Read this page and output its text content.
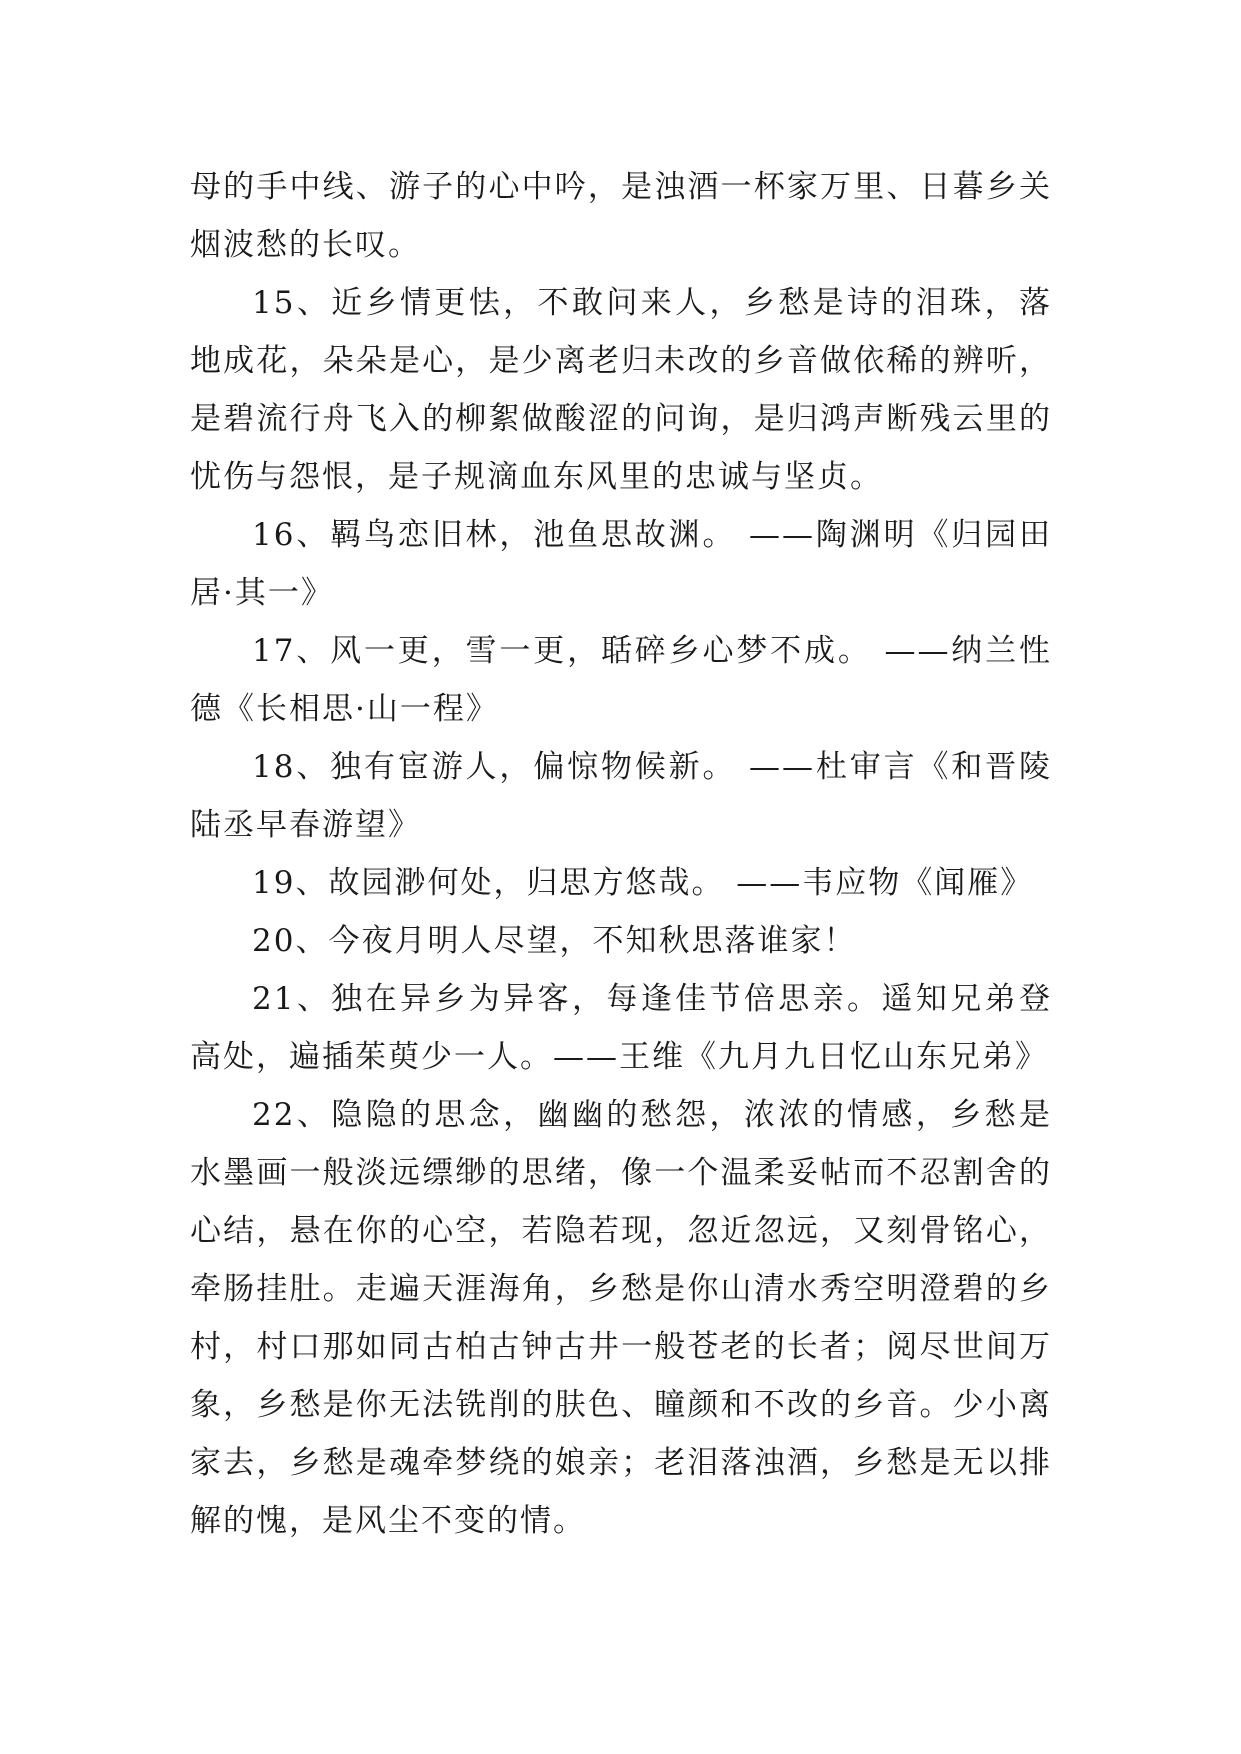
母的手中线、游子的心中吟，是浊酒一杯家万里、日暮乡关烟波愁的长叹。

15、近乡情更怯，不敢问来人，乡愁是诗的泪珠，落地成花，朵朵是心，是少离老归未改的乡音做依稀的辨听，是碧流行舟飞入的柳絮做酸涩的问询，是归鸿声断残云里的忧伤与怨恨，是子规滴血东风里的忠诚与坚贞。

16、羁鸟恋旧林，池鱼思故渊。 ——陶渊明《归园田居·其一》

17、风一更，雪一更，聒碎乡心梦不成。 ——纳兰性德《长相思·山一程》

18、独有宦游人，偏惊物候新。 ——杜审言《和晋陵陆丞早春游望》

19、故园渺何处，归思方悠哉。 ——韦应物《闻雁》

20、今夜月明人尽望，不知秋思落谁家！

21、独在异乡为异客，每逢佳节倍思亲。遥知兄弟登高处，遍插茱萸少一人。——王维《九月九日忆山东兄弟》

22、隐隐的思念，幽幽的愁怨，浓浓的情感，乡愁是水墨画一般淡远缥缈的思绪，像一个温柔妥帖而不忍割舍的心结，悬在你的心空，若隐若现，忽近忽远，又刻骨铭心，牵肠挂肚。走遍天涯海角，乡愁是你山清水秀空明澄碧的乡村，村口那如同古柏古钟古井一般苍老的长者；阅尽世间万象，乡愁是你无法铣削的肤色、瞳颜和不改的乡音。少小离家去，乡愁是魂牵梦绕的娘亲；老泪落浊酒，乡愁是无以排解的愧，是风尘不变的情。
